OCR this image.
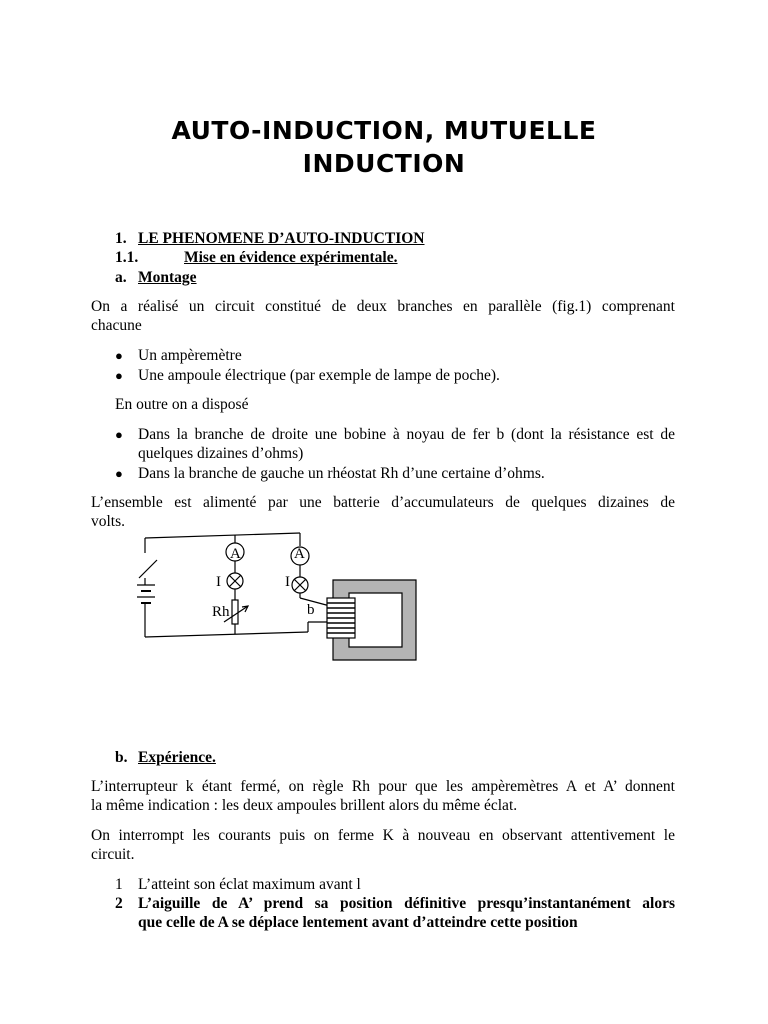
AUTO-INDUCTION, MUTUELLE
INDUCTION
1. LE PHENOMENE D’AUTO-INDUCTION
1.1.	Mise en évidence expérimentale.
a. Montage
On a réalisé un circuit constitué de deux branches en parallèle (fig.1) comprenant
chacune
● Un ampèremètre
● Une ampoule électrique (par exemple de lampe de poche).
En outre on a disposé
● Dans la branche de droite une bobine à noyau de fer b (dont la résistance est de
quelques dizaines d’ohms)
● Dans la branche de gauche un rhéostat Rh d’une certaine d’ohms.
L’ensemble est alimenté par une batterie d’accumulateurs de quelques dizaines de
volts.
A	A
I	I
Rh	b
b. Expérience.
L’interrupteur k étant fermé, on règle Rh pour que les ampèremètres A et A’ donnent
la même indication : les deux ampoules brillent alors du même éclat.
On interrompt les courants puis on ferme K à nouveau en observant attentivement le
circuit.
1 L’atteint son éclat maximum avant l
2 L’aiguille de A’ prend sa position définitive presqu’instantanément alors
que celle de A se déplace lentement avant d’atteindre cette position
